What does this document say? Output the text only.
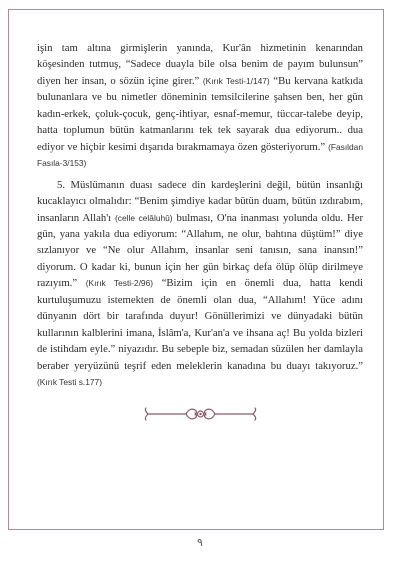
işin tam altına girmişlerin yanında, Kur'ân hizmetinin kenarından köşesinden tutmuş, “Sadece duayla bile olsa benim de payım bulunsun” diyen her insan, o sözün içine girer.” (Kırık Testi-1/147) “Bu kervana katkıda bulunanlara ve bu nimetler döneminin temsilcilerine şahsen ben, her gün kadın-erkek, çoluk-çocuk, genç-ihtiyar, esnaf-memur, tüccar-talebe deyip, hatta toplumun bütün katmanlarını tek tek sayarak dua ediyorum.. dua ediyor ve hiçbir kesimi dışarıda bırakmamaya özen gösteriyorum.” (Fasıldan Fasıla-3/153)

5. Müslümanın duası sadece din kardeşlerini değil, bütün insanlığı kucaklayıcı olmalıdır: “Benim şimdiye kadar bütün duam, bütün ızdırabım, insanların Allah'ı (celle celâluhû) bulması, O'na inanması yolunda oldu. Her gün, yana yakıla dua ediyorum: “Allahım, ne olur, bahtına düştüm!” diye sızlanıyor ve “Ne olur Allahım, insanlar seni tanısın, sana inansın!” diyorum. O kadar ki, bunun için her gün birkaç defa ölüp ölüp dirilmeye razıyım.” (Kırık Testi-2/96) “Bizim için en önemli dua, hatta kendi kurtuluşumuzu istemekten de önemli olan dua, “Allahım! Yüce adını dünyanın dört bir tarafında duyur! Gönüllerimizi ve dünyadaki bütün kullarının kalblerini imana, İslâm'a, Kur'an'a ve ihsana aç! Bu yolda bizleri de istihdam eyle.” niyazıdır. Bu sebeple biz, semadan süzülen her damlayla beraber yeryüzünü teşrif eden meleklerin kanadına bu duayı takıyoruz.” (Kırık Testi s.177)

٩
